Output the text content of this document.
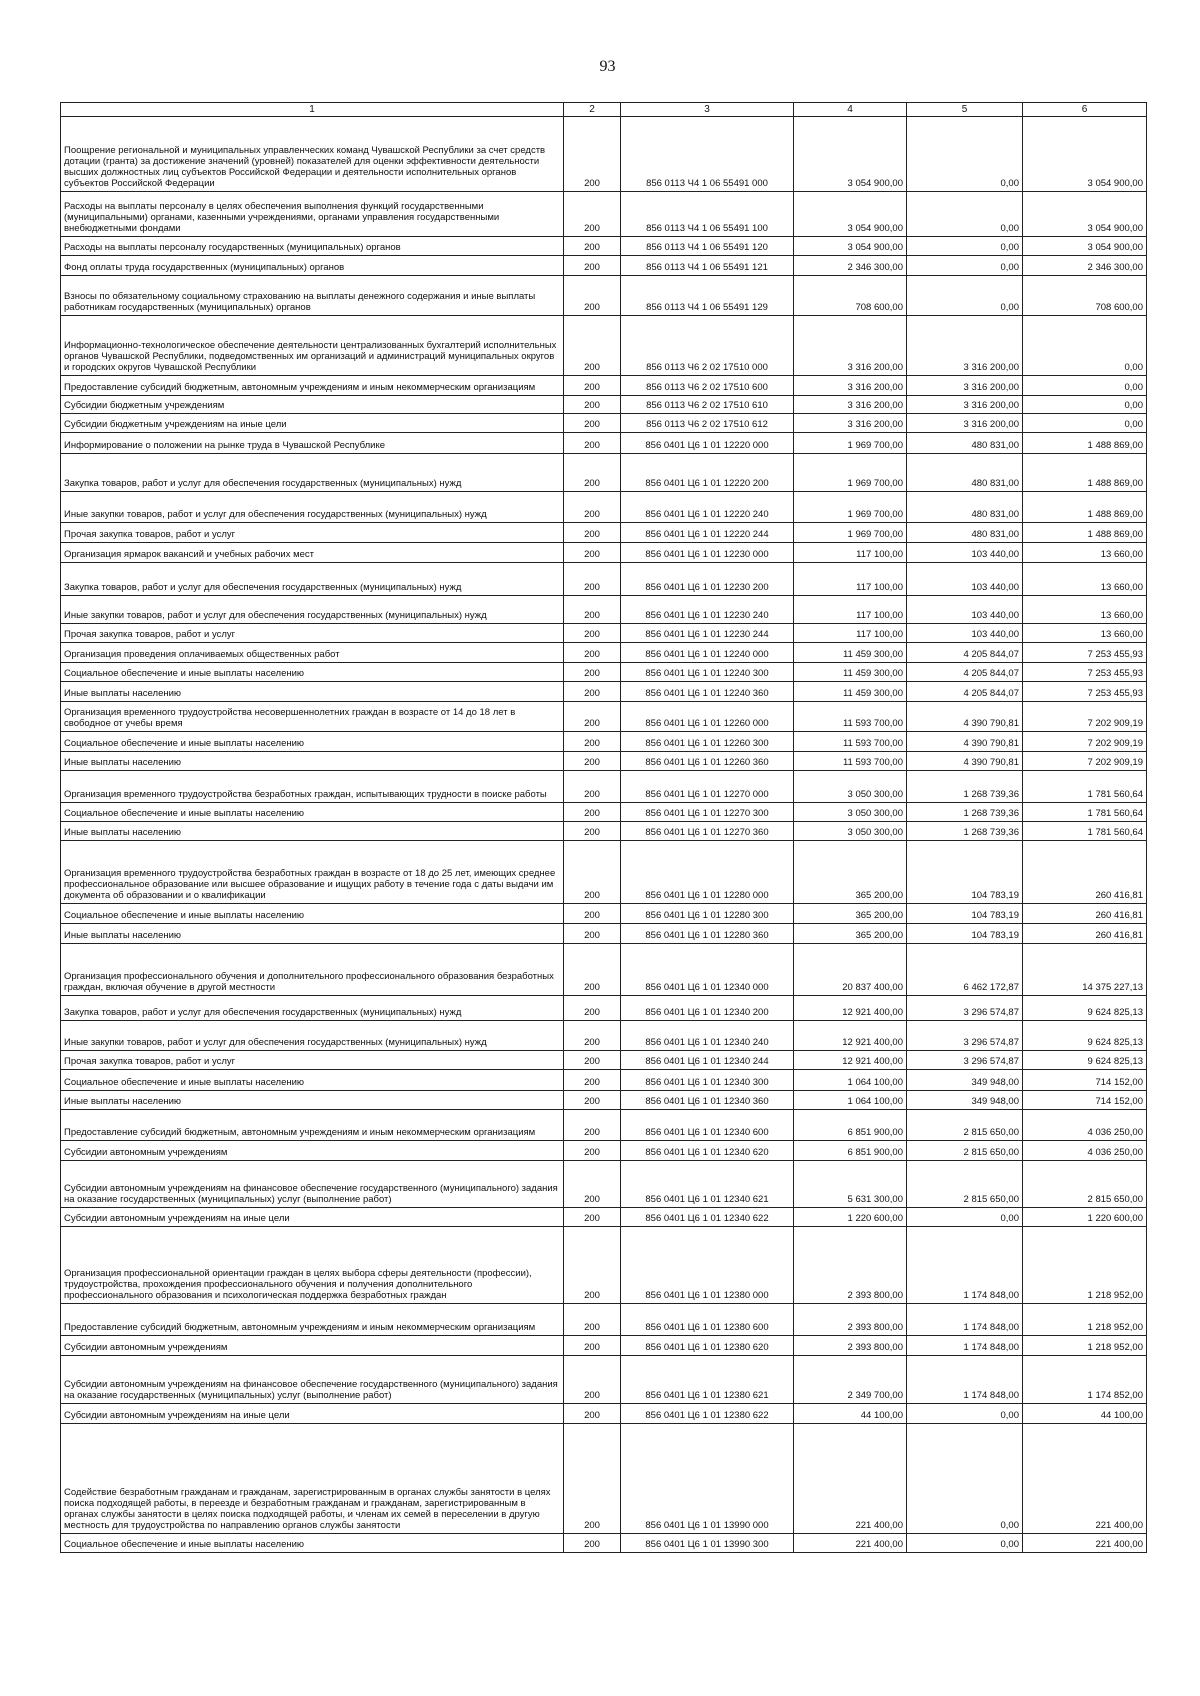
93
1	2	3	4	5	6
Поощрение региональной и муниципальных управленческих команд Чувашской Республики за счет средств дотации (гранта) за достижение значений (уровней) показателей для оценки эффективности деятельности высших должностных лиц субъектов Российской Федерации и деятельности исполнительных органов субъектов Российской Федерации	200	856 0113 Ч4 1 06 55491 000	3 054 900,00	0,00	3 054 900,00
Расходы на выплаты персоналу в целях обеспечения выполнения функций государственными (муниципальными) органами, казенными учреждениями, органами управления государственными внебюджетными фондами	200	856 0113 Ч4 1 06 55491 100	3 054 900,00	0,00	3 054 900,00
Расходы на выплаты персоналу государственных (муниципальных) органов	200	856 0113 Ч4 1 06 55491 120	3 054 900,00	0,00	3 054 900,00
Фонд оплаты труда государственных (муниципальных) органов	200	856 0113 Ч4 1 06 55491 121	2 346 300,00	0,00	2 346 300,00
Взносы по обязательному социальному страхованию на выплаты денежного содержания и иные выплаты работникам государственных (муниципальных) органов	200	856 0113 Ч4 1 06 55491 129	708 600,00	0,00	708 600,00
Информационно-технологическое обеспечение деятельности централизованных бухгалтерий исполнительных органов Чувашской Республики, подведомственных им организаций и администраций муниципальных округов и городских округов Чувашской Республики	200	856 0113 Ч6 2 02 17510 000	3 316 200,00	3 316 200,00	0,00
Предоставление субсидий бюджетным, автономным учреждениям и иным некоммерческим организациям	200	856 0113 Ч6 2 02 17510 600	3 316 200,00	3 316 200,00	0,00
Субсидии бюджетным учреждениям	200	856 0113 Ч6 2 02 17510 610	3 316 200,00	3 316 200,00	0,00
Субсидии бюджетным учреждениям на иные цели	200	856 0113 Ч6 2 02 17510 612	3 316 200,00	3 316 200,00	0,00
Информирование о положении на рынке труда в Чувашской Республике	200	856 0401 Ц6 1 01 12220 000	1 969 700,00	480 831,00	1 488 869,00
Закупка товаров, работ и услуг для обеспечения государственных (муниципальных) нужд	200	856 0401 Ц6 1 01 12220 200	1 969 700,00	480 831,00	1 488 869,00
Иные закупки товаров, работ и услуг для обеспечения государственных (муниципальных) нужд	200	856 0401 Ц6 1 01 12220 240	1 969 700,00	480 831,00	1 488 869,00
Прочая закупка товаров, работ и услуг	200	856 0401 Ц6 1 01 12220 244	1 969 700,00	480 831,00	1 488 869,00
Организация ярмарок вакансий и учебных рабочих мест	200	856 0401 Ц6 1 01 12230 000	117 100,00	103 440,00	13 660,00
Закупка товаров, работ и услуг для обеспечения государственных (муниципальных) нужд	200	856 0401 Ц6 1 01 12230 200	117 100,00	103 440,00	13 660,00
Иные закупки товаров, работ и услуг для обеспечения государственных (муниципальных) нужд	200	856 0401 Ц6 1 01 12230 240	117 100,00	103 440,00	13 660,00
Прочая закупка товаров, работ и услуг	200	856 0401 Ц6 1 01 12230 244	117 100,00	103 440,00	13 660,00
Организация проведения оплачиваемых общественных работ	200	856 0401 Ц6 1 01 12240 000	11 459 300,00	4 205 844,07	7 253 455,93
Социальное обеспечение и иные выплаты населению	200	856 0401 Ц6 1 01 12240 300	11 459 300,00	4 205 844,07	7 253 455,93
Иные выплаты населению	200	856 0401 Ц6 1 01 12240 360	11 459 300,00	4 205 844,07	7 253 455,93
Организация временного трудоустройства несовершеннолетних граждан в возрасте от 14 до 18 лет в свободное от учебы время	200	856 0401 Ц6 1 01 12260 000	11 593 700,00	4 390 790,81	7 202 909,19
Социальное обеспечение и иные выплаты населению	200	856 0401 Ц6 1 01 12260 300	11 593 700,00	4 390 790,81	7 202 909,19
Иные выплаты населению	200	856 0401 Ц6 1 01 12260 360	11 593 700,00	4 390 790,81	7 202 909,19
Организация временного трудоустройства безработных граждан, испытывающих трудности в поиске работы	200	856 0401 Ц6 1 01 12270 000	3 050 300,00	1 268 739,36	1 781 560,64
Социальное обеспечение и иные выплаты населению	200	856 0401 Ц6 1 01 12270 300	3 050 300,00	1 268 739,36	1 781 560,64
Иные выплаты населению	200	856 0401 Ц6 1 01 12270 360	3 050 300,00	1 268 739,36	1 781 560,64
Организация временного трудоустройства безработных граждан в возрасте от 18 до 25 лет, имеющих среднее профессиональное образование или высшее образование и ищущих работу в течение года с даты выдачи им документа об образовании и о квалификации	200	856 0401 Ц6 1 01 12280 000	365 200,00	104 783,19	260 416,81
Социальное обеспечение и иные выплаты населению	200	856 0401 Ц6 1 01 12280 300	365 200,00	104 783,19	260 416,81
Иные выплаты населению	200	856 0401 Ц6 1 01 12280 360	365 200,00	104 783,19	260 416,81
Организация профессионального обучения и дополнительного профессионального образования безработных граждан, включая обучение в другой местности	200	856 0401 Ц6 1 01 12340 000	20 837 400,00	6 462 172,87	14 375 227,13
Закупка товаров, работ и услуг для обеспечения государственных (муниципальных) нужд	200	856 0401 Ц6 1 01 12340 200	12 921 400,00	3 296 574,87	9 624 825,13
Иные закупки товаров, работ и услуг для обеспечения государственных (муниципальных) нужд	200	856 0401 Ц6 1 01 12340 240	12 921 400,00	3 296 574,87	9 624 825,13
Прочая закупка товаров, работ и услуг	200	856 0401 Ц6 1 01 12340 244	12 921 400,00	3 296 574,87	9 624 825,13
Социальное обеспечение и иные выплаты населению	200	856 0401 Ц6 1 01 12340 300	1 064 100,00	349 948,00	714 152,00
Иные выплаты населению	200	856 0401 Ц6 1 01 12340 360	1 064 100,00	349 948,00	714 152,00
Предоставление субсидий бюджетным, автономным учреждениям и иным некоммерческим организациям	200	856 0401 Ц6 1 01 12340 600	6 851 900,00	2 815 650,00	4 036 250,00
Субсидии автономным учреждениям	200	856 0401 Ц6 1 01 12340 620	6 851 900,00	2 815 650,00	4 036 250,00
Субсидии автономным учреждениям на финансовое обеспечение государственного (муниципального) задания на оказание государственных (муниципальных) услуг (выполнение работ)	200	856 0401 Ц6 1 01 12340 621	5 631 300,00	2 815 650,00	2 815 650,00
Субсидии автономным учреждениям на иные цели	200	856 0401 Ц6 1 01 12340 622	1 220 600,00	0,00	1 220 600,00
Организация профессиональной ориентации граждан в целях выбора сферы деятельности (профессии), трудоустройства, прохождения профессионального обучения и получения дополнительного профессионального образования и психологическая поддержка безработных граждан	200	856 0401 Ц6 1 01 12380 000	2 393 800,00	1 174 848,00	1 218 952,00
Предоставление субсидий бюджетным, автономным учреждениям и иным некоммерческим организациям	200	856 0401 Ц6 1 01 12380 600	2 393 800,00	1 174 848,00	1 218 952,00
Субсидии автономным учреждениям	200	856 0401 Ц6 1 01 12380 620	2 393 800,00	1 174 848,00	1 218 952,00
Субсидии автономным учреждениям на финансовое обеспечение государственного (муниципального) задания на оказание государственных (муниципальных) услуг (выполнение работ)	200	856 0401 Ц6 1 01 12380 621	2 349 700,00	1 174 848,00	1 174 852,00
Субсидии автономным учреждениям на иные цели	200	856 0401 Ц6 1 01 12380 622	44 100,00	0,00	44 100,00
Содействие безработным гражданам и гражданам, зарегистрированным в органах службы занятости в целях поиска подходящей работы, в переезде и безработным гражданам и гражданам, зарегистрированным в органах службы занятости в целях поиска подходящей работы, и членам их семей в переселении в другую местность для трудоустройства по направлению органов службы занятости	200	856 0401 Ц6 1 01 13990 000	221 400,00	0,00	221 400,00
Социальное обеспечение и иные выплаты населению	200	856 0401 Ц6 1 01 13990 300	221 400,00	0,00	221 400,00
